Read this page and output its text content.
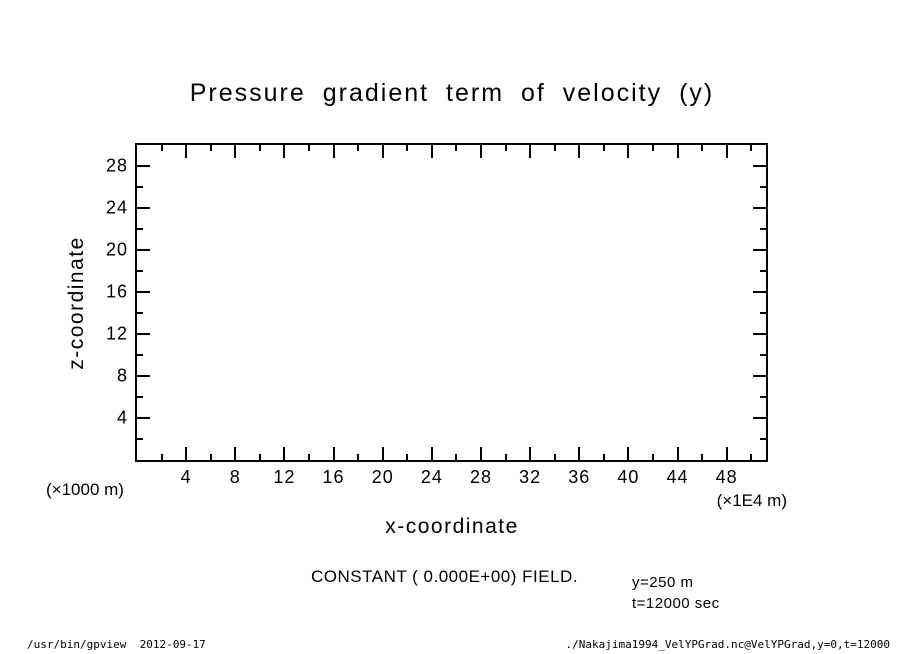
Pressure gradient term of velocity (y)
z-coordinate
4
8
12
16
20
24
28
4 8 12 16 20 24 28 32 36 40 44 48
(×1000 m)
(×1E4 m)
x-coordinate
CONSTANT ( 0.000E+00) FIELD.	y=250 m
t=12000 sec
/usr/bin/gpview  2012-09-17	./Nakajima1994_VelYPGrad.nc@VelYPGrad,y=0,t=12000
